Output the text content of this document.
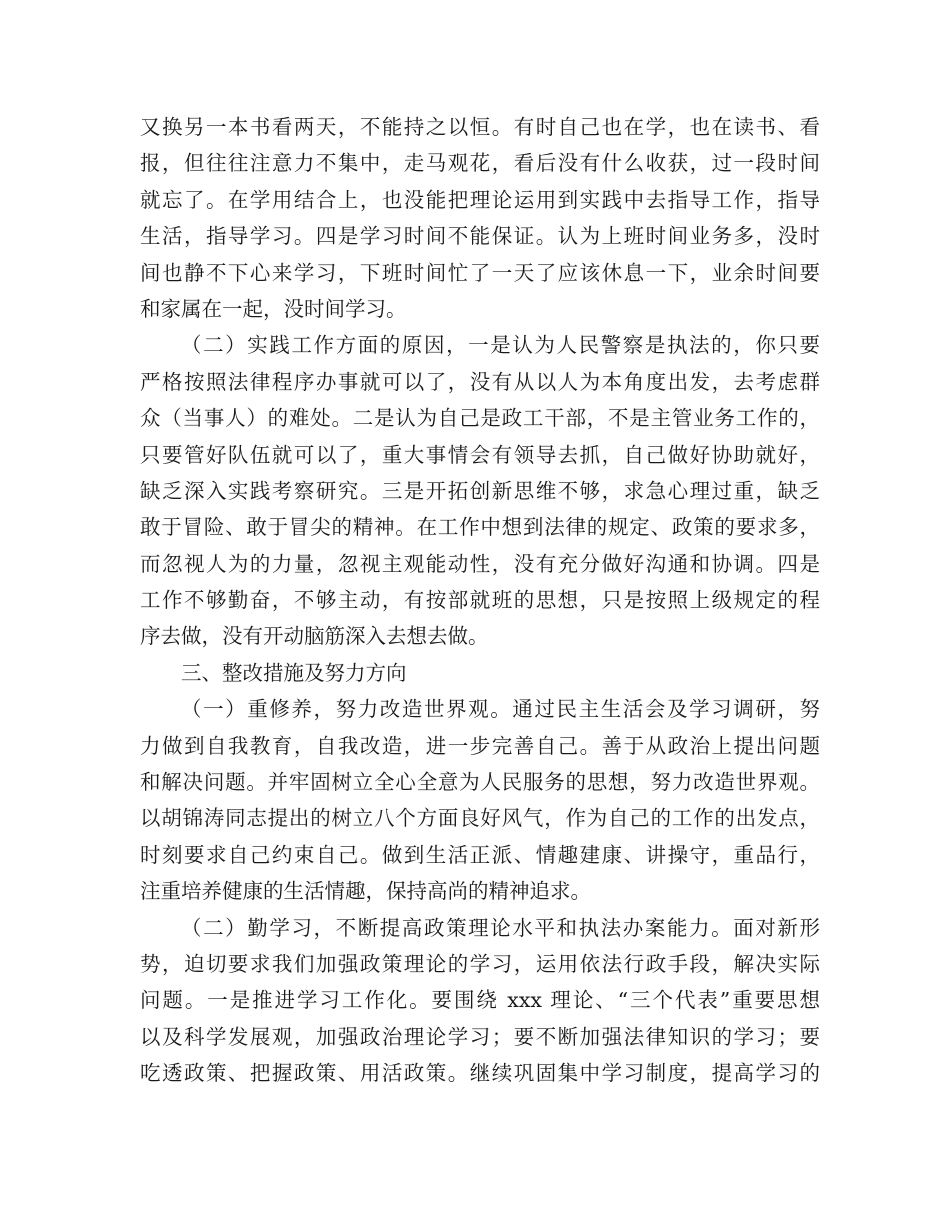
又换另一本书看两天，不能持之以恒。有时自己也在学，也在读书、看
报，但往往注意力不集中，走马观花，看后没有什么收获，过一段时间
就忘了。在学用结合上，也没能把理论运用到实践中去指导工作，指导
生活，指导学习。四是学习时间不能保证。认为上班时间业务多，没时
间也静不下心来学习，下班时间忙了一天了应该休息一下，业余时间要
和家属在一起，没时间学习。
（二）实践工作方面的原因，一是认为人民警察是执法的，你只要
严格按照法律程序办事就可以了，没有从以人为本角度出发，去考虑群
众（当事人）的难处。二是认为自己是政工干部，不是主管业务工作的，
只要管好队伍就可以了，重大事情会有领导去抓，自己做好协助就好，
缺乏深入实践考察研究。三是开拓创新思维不够，求急心理过重，缺乏
敢于冒险、敢于冒尖的精神。在工作中想到法律的规定、政策的要求多，
而忽视人为的力量，忽视主观能动性，没有充分做好沟通和协调。四是
工作不够勤奋，不够主动，有按部就班的思想，只是按照上级规定的程
序去做，没有开动脑筋深入去想去做。
三、整改措施及努力方向
（一）重修养，努力改造世界观。通过民主生活会及学习调研，努
力做到自我教育，自我改造，进一步完善自己。善于从政治上提出问题
和解决问题。并牢固树立全心全意为人民服务的思想，努力改造世界观。
以胡锦涛同志提出的树立八个方面良好风气，作为自己的工作的出发点，
时刻要求自己约束自己。做到生活正派、情趣建康、讲操守，重品行，
注重培养健康的生活情趣，保持高尚的精神追求。
（二）勤学习，不断提高政策理论水平和执法办案能力。面对新形
势，迫切要求我们加强政策理论的学习，运用依法行政手段，解决实际
问题。一是推进学习工作化。要围绕 xxx 理论、“三个代表”重要思想
以及科学发展观，加强政治理论学习；要不断加强法律知识的学习；要
吃透政策、把握政策、用活政策。继续巩固集中学习制度，提高学习的
